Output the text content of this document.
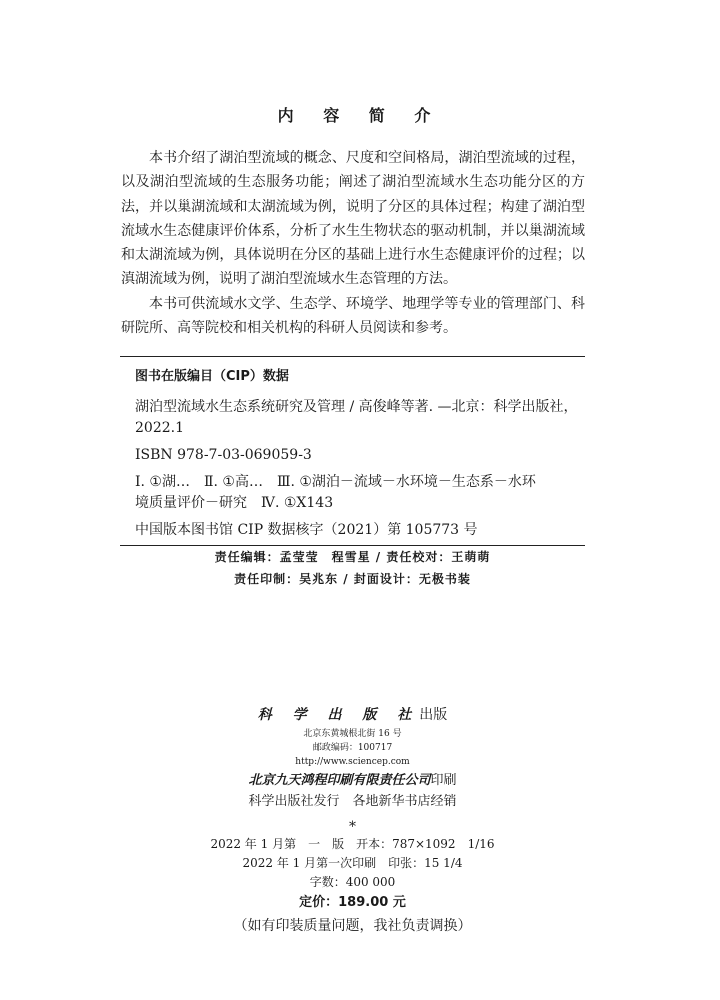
内 容 简 介

本书介绍了湖泊型流域的概念、尺度和空间格局，湖泊型流域的过程，以及湖泊型流域的生态服务功能；阐述了湖泊型流域水生态功能分区的方法，并以巢湖流域和太湖流域为例，说明了分区的具体过程；构建了湖泊型流域水生态健康评价体系，分析了水生生物状态的驱动机制，并以巢湖流域和太湖流域为例，具体说明在分区的基础上进行水生态健康评价的过程；以滇湖流域为例，说明了湖泊型流域水生态管理的方法。

本书可供流域水文学、生态学、环境学、地理学等专业的管理部门、科研院所、高等院校和相关机构的科研人员阅读和参考。

图书在版编目（CIP）数据
湖泊型流域水生态系统研究及管理 / 高俊峰等著. —北京：科学出版社，
2022.1
ISBN 978-7-03-069059-3
Ⅰ. ①湖…　Ⅱ. ①高…　Ⅲ. ①湖泊－流域－水环境－生态系－水环
境质量评价－研究　Ⅳ. ①X143
中国版本图书馆 CIP 数据核字（2021）第 105773 号
责任编辑：孟莹莹　程雪星 / 责任校对：王萌萌
责任印制：吴兆东 / 封面设计：无极书装
科 学 出 版 社出版
北京东黄城根北街 16 号
邮政编码：100717
http://www.sciencep.com
北京九天鸿程印刷有限责任公司印刷
科学出版社发行　各地新华书店经销
*
2022 年 1 月第　一　版　开本：787×1092　1/16
2022 年 1 月第一次印刷　印张：15 1/4
字数：400 000
定价：189.00 元
（如有印装质量问题，我社负责调换）
